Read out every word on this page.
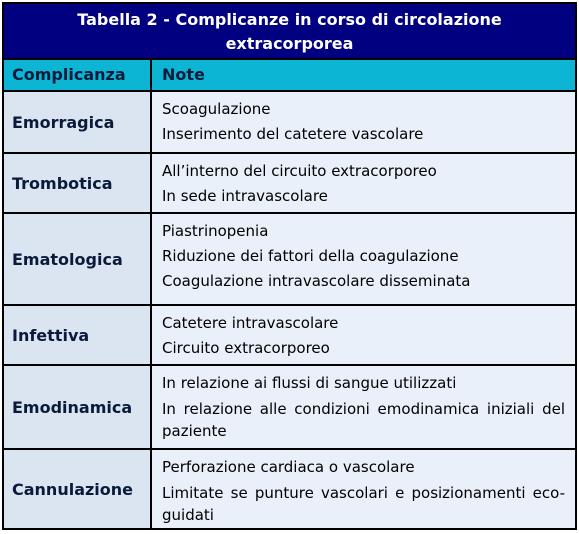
Tabella 2 - Complicanze in corso di circolazione
extracorporea
Complicanza	Note
Emorragica
Scoagulazione
Inserimento del catetere vascolare
Trombotica
All’interno del circuito extracorporeo
In sede intravascolare
Ematologica
Piastrinopenia
Riduzione dei fattori della coagulazione
Coagulazione intravascolare disseminata
Infettiva
Catetere intravascolare
Circuito extracorporeo
Emodinamica
In relazione ai flussi di sangue utilizzati
In relazione alle condizioni emodinamica iniziali del paziente
Cannulazione
Perforazione cardiaca o vascolare
Limitate se punture vascolari e posizionamenti eco-guidati
